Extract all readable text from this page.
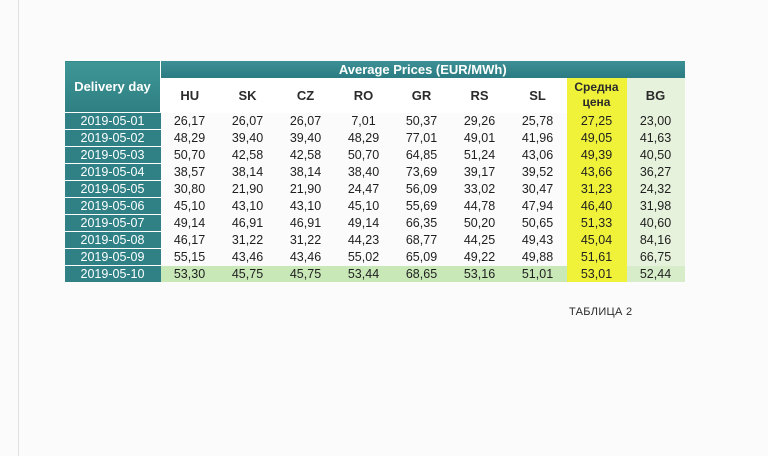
Delivery day	Average Prices (EUR/MWh)								
	HU	SK	CZ	RO	GR	RS	SL	Средна цена	BG
2019-05-01	26,17	26,07	26,07	7,01	50,37	29,26	25,78	27,25	23,00
2019-05-02	48,29	39,40	39,40	48,29	77,01	49,01	41,96	49,05	41,63
2019-05-03	50,70	42,58	42,58	50,70	64,85	51,24	43,06	49,39	40,50
2019-05-04	38,57	38,14	38,14	38,40	73,69	39,17	39,52	43,66	36,27
2019-05-05	30,80	21,90	21,90	24,47	56,09	33,02	30,47	31,23	24,32
2019-05-06	45,10	43,10	43,10	45,10	55,69	44,78	47,94	46,40	31,98
2019-05-07	49,14	46,91	46,91	49,14	66,35	50,20	50,65	51,33	40,60
2019-05-08	46,17	31,22	31,22	44,23	68,77	44,25	49,43	45,04	84,16
2019-05-09	55,15	43,46	43,46	55,02	65,09	49,22	49,88	51,61	66,75
2019-05-10	53,30	45,75	45,75	53,44	68,65	53,16	51,01	53,01	52,44
ТАБЛИЦА 2
